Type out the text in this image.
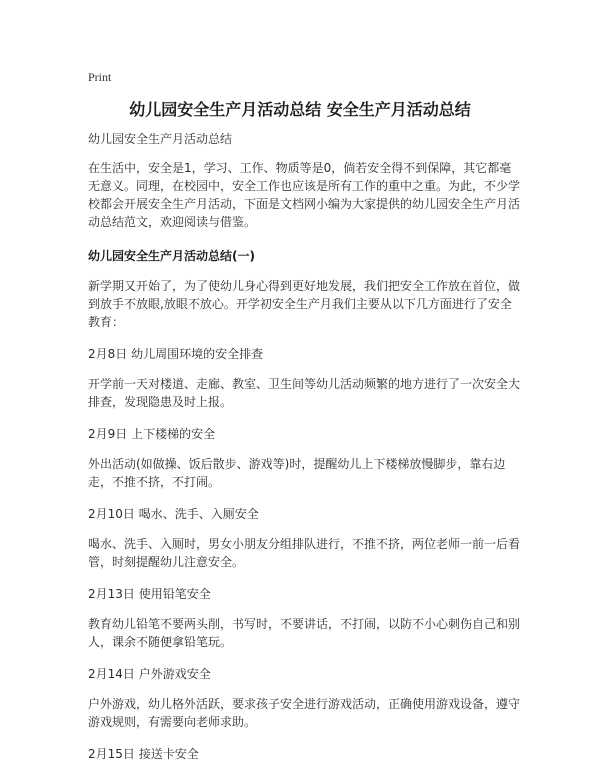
Print
幼儿园安全生产月活动总结 安全生产月活动总结

幼儿园安全生产月活动总结

在生活中，安全是1，学习、工作、物质等是0，倘若安全得不到保障，其它都毫无意义。同理，在校园中，安全工作也应该是所有工作的重中之重。为此，不少学校都会开展安全生产月活动，下面是文档网小编为大家提供的幼儿园安全生产月活动总结范文，欢迎阅读与借鉴。

幼儿园安全生产月活动总结(一)

新学期又开始了，为了使幼儿身心得到更好地发展，我们把安全工作放在首位，做到放手不放眼,放眼不放心。开学初安全生产月我们主要从以下几方面进行了安全教育：

2月8日 幼儿周围环境的安全排查

开学前一天对楼道、走廊、教室、卫生间等幼儿活动频繁的地方进行了一次安全大排查，发现隐患及时上报。

2月9日 上下楼梯的安全

外出活动(如做操、饭后散步、游戏等)时，提醒幼儿上下楼梯放慢脚步，靠右边走，不推不挤，不打闹。

2月10日 喝水、洗手、入厕安全

喝水、洗手、入厕时，男女小朋友分组排队进行，不推不挤，两位老师一前一后看管，时刻提醒幼儿注意安全。

2月13日 使用铅笔安全

教育幼儿铅笔不要两头削，书写时，不要讲话，不打闹，以防不小心刺伤自己和别人，课余不随便拿铅笔玩。

2月14日 户外游戏安全

户外游戏，幼儿格外活跃，要求孩子安全进行游戏活动，正确使用游戏设备，遵守游戏规则，有需要向老师求助。

2月15日 接送卡安全
